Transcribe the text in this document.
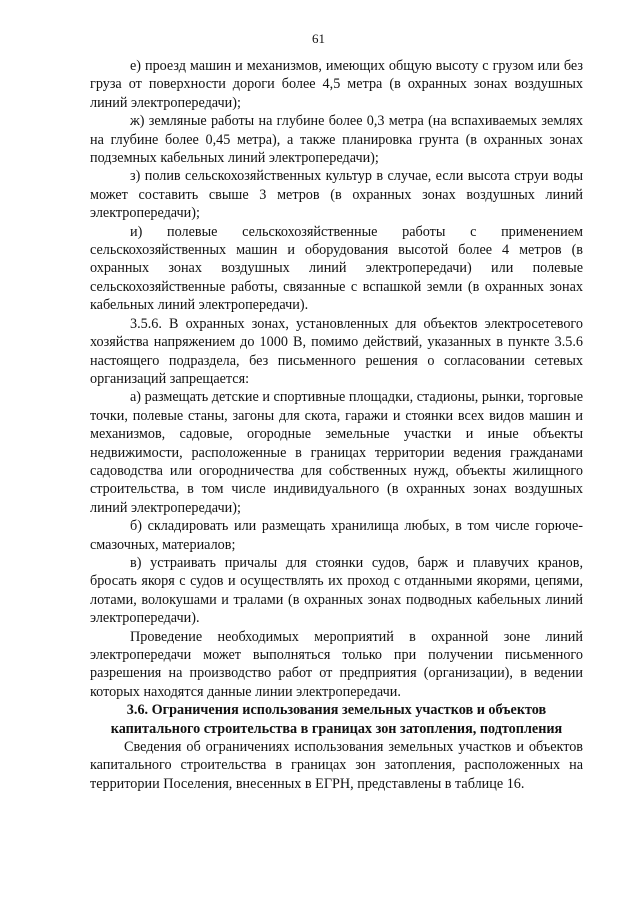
61

е) проезд машин и механизмов, имеющих общую высоту с грузом или без груза от поверхности дороги более 4,5 метра (в охранных зонах воздушных линий электропередачи);

ж) земляные работы на глубине более 0,3 метра (на вспахиваемых землях на глубине более 0,45 метра), а также планировка грунта (в охранных зонах подземных кабельных линий электропередачи);

з) полив сельскохозяйственных культур в случае, если высота струи воды может составить свыше 3 метров (в охранных зонах воздушных линий электропередачи);

и) полевые сельскохозяйственные работы с применением сельскохозяйственных машин и оборудования высотой более 4 метров (в охранных зонах воздушных линий электропередачи) или полевые сельскохозяйственные работы, связанные с вспашкой земли (в охранных зонах кабельных линий электропередачи).

3.5.6. В охранных зонах, установленных для объектов электросетевого хозяйства напряжением до 1000 В, помимо действий, указанных в пункте 3.5.6 настоящего подраздела, без письменного решения о согласовании сетевых организаций запрещается:

а) размещать детские и спортивные площадки, стадионы, рынки, торговые точки, полевые станы, загоны для скота, гаражи и стоянки всех видов машин и механизмов, садовые, огородные земельные участки и иные объекты недвижимости, расположенные в границах территории ведения гражданами садоводства или огородничества для собственных нужд, объекты жилищного строительства, в том числе индивидуального (в охранных зонах воздушных линий электропередачи);

б) складировать или размещать хранилища любых, в том числе горюче-смазочных, материалов;

в) устраивать причалы для стоянки судов, барж и плавучих кранов, бросать якоря с судов и осуществлять их проход с отданными якорями, цепями, лотами, волокушами и тралами (в охранных зонах подводных кабельных линий электропередачи).

Проведение необходимых мероприятий в охранной зоне линий электропередачи может выполняться только при получении письменного разрешения на производство работ от предприятия (организации), в ведении которых находятся данные линии электропередачи.

3.6. Ограничения использования земельных участков и объектов капитального строительства в границах зон затопления, подтопления

Сведения об ограничениях использования земельных участков и объектов капитального строительства в границах зон затопления, расположенных на территории Поселения, внесенных в ЕГРН, представлены в таблице 16.
